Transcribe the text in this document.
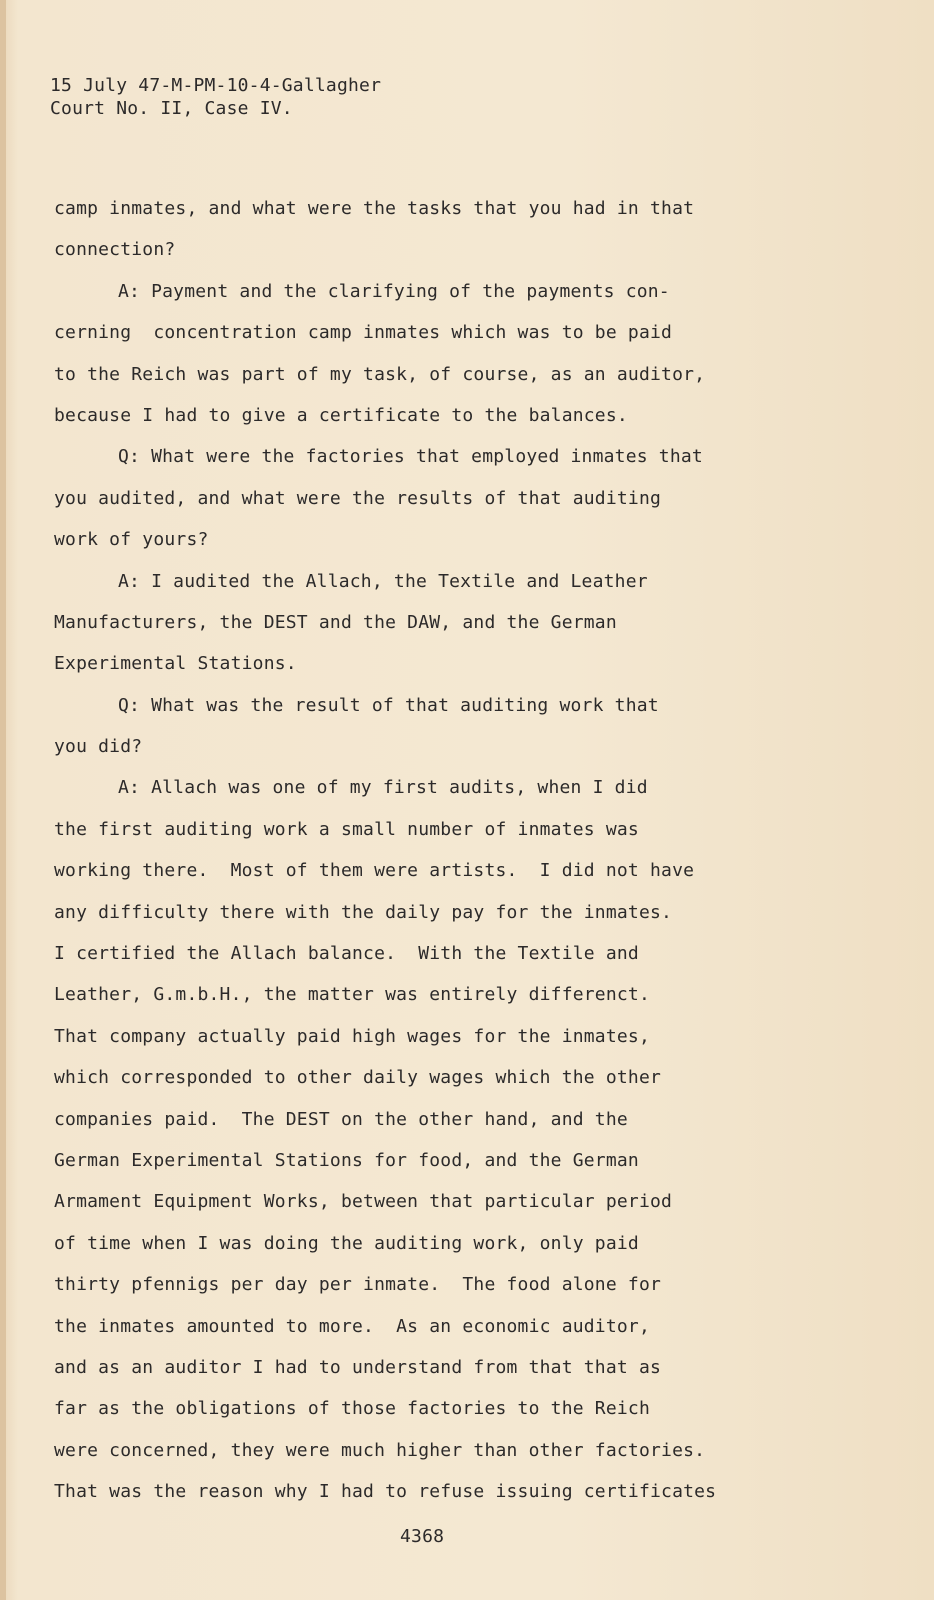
15 July 47-M-PM-10-4-Gallagher
Court No. II, Case IV.
camp inmates, and what were the tasks that you had in that
connection?
A: Payment and the clarifying of the payments con-
cerning  concentration camp inmates which was to be paid
to the Reich was part of my task, of course, as an auditor,
because I had to give a certificate to the balances.
Q: What were the factories that employed inmates that
you audited, and what were the results of that auditing
work of yours?
A: I audited the Allach, the Textile and Leather
Manufacturers, the DEST and the DAW, and the German
Experimental Stations.
Q: What was the result of that auditing work that
you did?
A: Allach was one of my first audits, when I did
the first auditing work a small number of inmates was
working there.  Most of them were artists.  I did not have
any difficulty there with the daily pay for the inmates.
I certified the Allach balance.  With the Textile and
Leather, G.m.b.H., the matter was entirely differenct.
That company actually paid high wages for the inmates,
which corresponded to other daily wages which the other
companies paid.  The DEST on the other hand, and the
German Experimental Stations for food, and the German
Armament Equipment Works, between that particular period
of time when I was doing the auditing work, only paid
thirty pfennigs per day per inmate.  The food alone for
the inmates amounted to more.  As an economic auditor,
and as an auditor I had to understand from that that as
far as the obligations of those factories to the Reich
were concerned, they were much higher than other factories.
That was the reason why I had to refuse issuing certificates
4368
